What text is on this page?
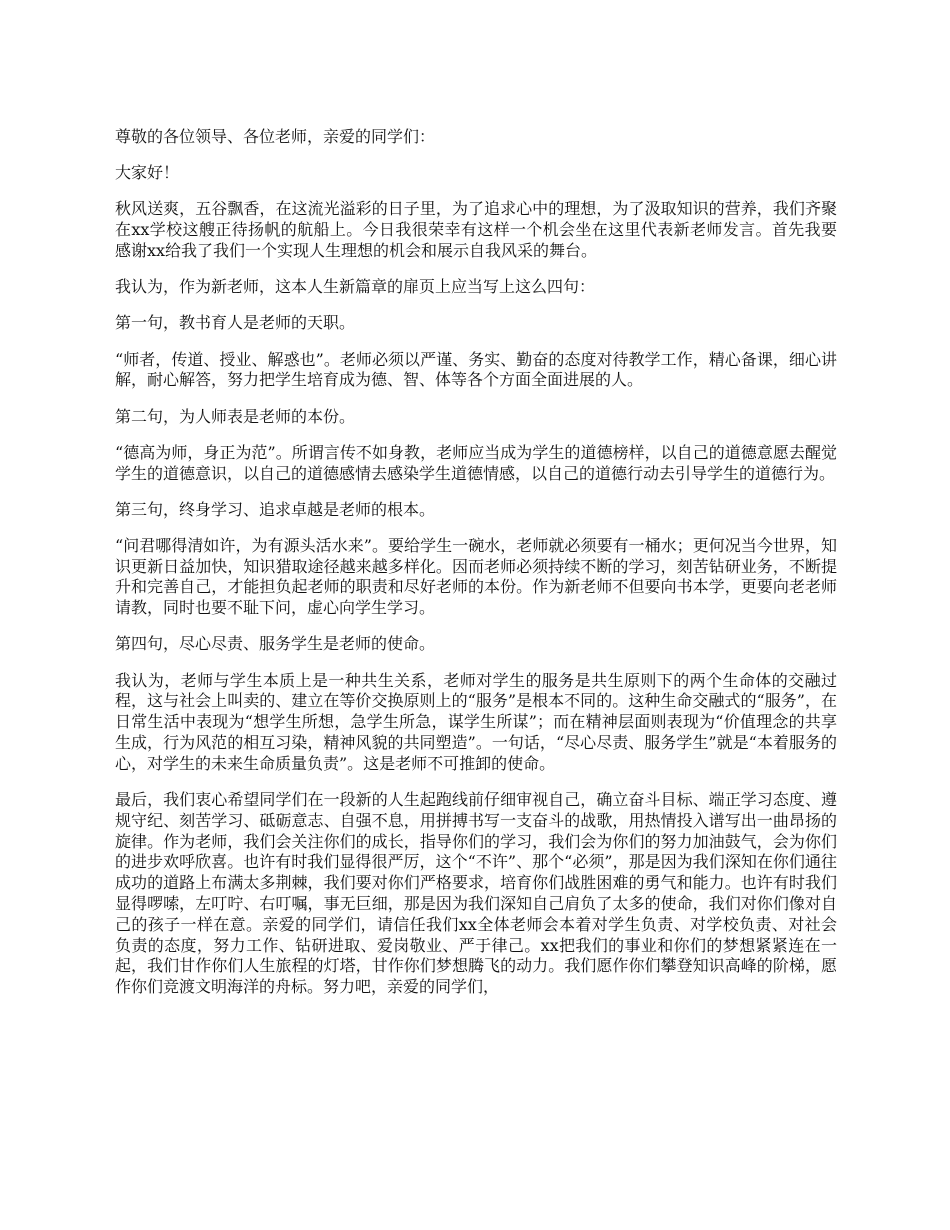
尊敬的各位领导、各位老师，亲爱的同学们：

大家好！

秋风送爽，五谷飘香，在这流光溢彩的日子里，为了追求心中的理想，为了汲取知识的营养，我们齐聚在xx学校这艘正待扬帆的航船上。今日我很荣幸有这样一个机会坐在这里代表新老师发言。首先我要感谢xx给我了我们一个实现人生理想的机会和展示自我风采的舞台。

我认为，作为新老师，这本人生新篇章的扉页上应当写上这么四句：

第一句，教书育人是老师的天职。

“师者，传道、授业、解惑也”。老师必须以严谨、务实、勤奋的态度对待教学工作，精心备课，细心讲解，耐心解答，努力把学生培育成为德、智、体等各个方面全面进展的人。

第二句，为人师表是老师的本份。

“德高为师，身正为范”。所谓言传不如身教，老师应当成为学生的道德榜样，以自己的道德意愿去醒觉学生的道德意识，以自己的道德感情去感染学生道德情感，以自己的道德行动去引导学生的道德行为。

第三句，终身学习、追求卓越是老师的根本。

“问君哪得清如许，为有源头活水来”。要给学生一碗水，老师就必须要有一桶水；更何况当今世界，知识更新日益加快，知识猎取途径越来越多样化。因而老师必须持续不断的学习，刻苦钻研业务，不断提升和完善自己，才能担负起老师的职责和尽好老师的本份。作为新老师不但要向书本学，更要向老老师请教，同时也要不耻下问，虚心向学生学习。

第四句，尽心尽责、服务学生是老师的使命。

我认为，老师与学生本质上是一种共生关系，老师对学生的服务是共生原则下的两个生命体的交融过程，这与社会上叫卖的、建立在等价交换原则上的“服务”是根本不同的。这种生命交融式的“服务”，在日常生活中表现为“想学生所想，急学生所急，谋学生所谋”；而在精神层面则表现为“价值理念的共享生成，行为风范的相互习染，精神风貌的共同塑造”。一句话，“尽心尽责、服务学生”就是“本着服务的心，对学生的未来生命质量负责”。这是老师不可推卸的使命。

最后，我们衷心希望同学们在一段新的人生起跑线前仔细审视自己，确立奋斗目标、端正学习态度、遵规守纪、刻苦学习、砥砺意志、自强不息，用拼搏书写一支奋斗的战歌，用热情投入谱写出一曲昂扬的旋律。作为老师，我们会关注你们的成长，指导你们的学习，我们会为你们的努力加油鼓气，会为你们的进步欢呼欣喜。也许有时我们显得很严厉，这个“不许”、那个“必须”，那是因为我们深知在你们通往成功的道路上布满太多荆棘，我们要对你们严格要求，培育你们战胜困难的勇气和能力。也许有时我们显得啰嗦，左叮咛、右叮嘱，事无巨细，那是因为我们深知自己肩负了太多的使命，我们对你们像对自己的孩子一样在意。亲爱的同学们，请信任我们xx全体老师会本着对学生负责、对学校负责、对社会负责的态度，努力工作、钻研进取、爱岗敬业、严于律己。xx把我们的事业和你们的梦想紧紧连在一起，我们甘作你们人生旅程的灯塔，甘作你们梦想腾飞的动力。我们愿作你们攀登知识高峰的阶梯，愿作你们竞渡文明海洋的舟标。努力吧，亲爱的同学们，
